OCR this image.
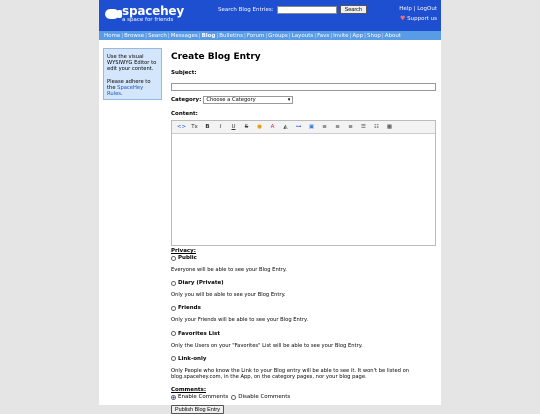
spacehey
a space for friends
Search Blog Entries:	Search	Help | LogOut
♥ Support us
Home | Browse | Search | Messages | Blog | Bulletins | Forum | Groups | Layouts | Favs | Invite | App | Shop | About

Use the visual WYSIWYG Editor to edit your content.

Please adhere to the SpaceHey Rules.

Create Blog Entry
Subject:
Category: Choose a Category	▾
Content:
<> Tx	B	I	U	S	●	A	◭	⊶	▣	≡	≡	≡	☰	☷	▦
Privacy:
Public
Everyone will be able to see your Blog Entry.
Diary (Private)
Only you will be able to see your Blog Entry.
Friends
Only your Friends will be able to see your Blog Entry.
Favorites List
Only the Users on your "Favorites" List will be able to see your Blog Entry.
Link-only
Only People who know the Link to your Blog entry will be able to see it. It won't be listed on blog.spacehey.com, in the App, on the category pages, nor your blog page.
Comments:
Enable Comments Disable Comments
Publish Blog Entry
